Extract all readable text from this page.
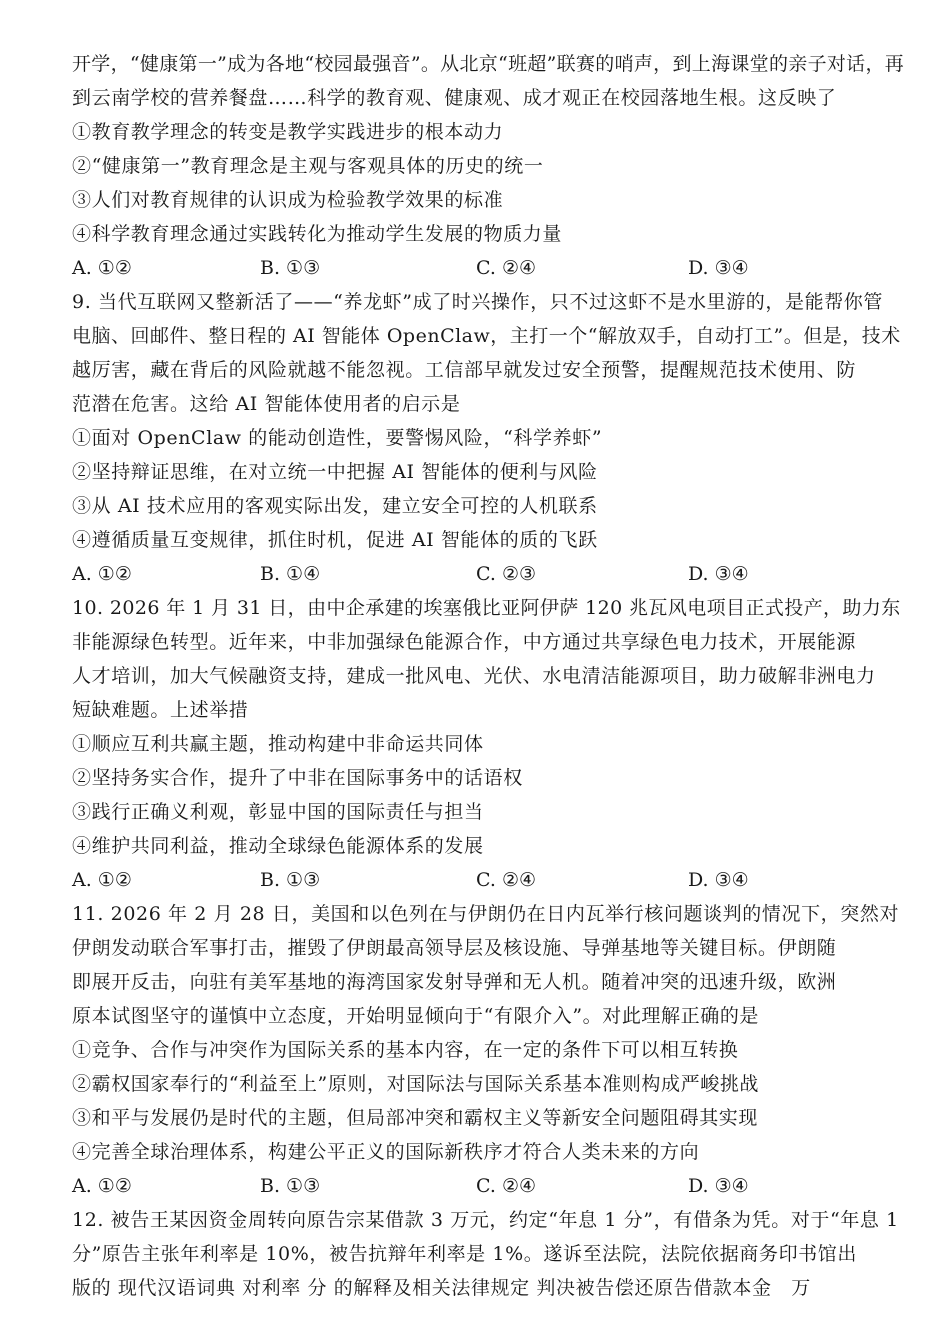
开学，“健康第一”成为各地“校园最强音”。从北京“班超”联赛的哨声，到上海课堂的亲子对话，再
到云南学校的营养餐盘……科学的教育观、健康观、成才观正在校园落地生根。这反映了
①教育教学理念的转变是教学实践进步的根本动力
②“健康第一”教育理念是主观与客观具体的历史的统一
③人们对教育规律的认识成为检验教学效果的标准
④科学教育理念通过实践转化为推动学生发展的物质力量
A. ①②	B. ①③	C. ②④	D. ③④
9. 当代互联网又整新活了——“养龙虾”成了时兴操作，只不过这虾不是水里游的，是能帮你管
电脑、回邮件、整日程的 AI 智能体 OpenClaw，主打一个“解放双手，自动打工”。但是，技术
越厉害，藏在背后的风险就越不能忽视。工信部早就发过安全预警，提醒规范技术使用、防
范潜在危害。这给 AI 智能体使用者的启示是
①面对 OpenClaw 的能动创造性，要警惕风险，“科学养虾”
②坚持辩证思维，在对立统一中把握 AI 智能体的便利与风险
③从 AI 技术应用的客观实际出发，建立安全可控的人机联系
④遵循质量互变规律，抓住时机，促进 AI 智能体的质的飞跃
A. ①②	B. ①④	C. ②③	D. ③④
10. 2026 年 1 月 31 日，由中企承建的埃塞俄比亚阿伊萨 120 兆瓦风电项目正式投产，助力东
非能源绿色转型。近年来，中非加强绿色能源合作，中方通过共享绿色电力技术，开展能源
人才培训，加大气候融资支持，建成一批风电、光伏、水电清洁能源项目，助力破解非洲电力
短缺难题。上述举措
①顺应互利共赢主题，推动构建中非命运共同体
②坚持务实合作，提升了中非在国际事务中的话语权
③践行正确义利观，彰显中国的国际责任与担当
④维护共同利益，推动全球绿色能源体系的发展
A. ①②	B. ①③	C. ②④	D. ③④
11. 2026 年 2 月 28 日，美国和以色列在与伊朗仍在日内瓦举行核问题谈判的情况下，突然对
伊朗发动联合军事打击，摧毁了伊朗最高领导层及核设施、导弹基地等关键目标。伊朗随
即展开反击，向驻有美军基地的海湾国家发射导弹和无人机。随着冲突的迅速升级，欧洲
原本试图坚守的谨慎中立态度，开始明显倾向于“有限介入”。对此理解正确的是
①竞争、合作与冲突作为国际关系的基本内容，在一定的条件下可以相互转换
②霸权国家奉行的“利益至上”原则，对国际法与国际关系基本准则构成严峻挑战
③和平与发展仍是时代的主题，但局部冲突和霸权主义等新安全问题阻碍其实现
④完善全球治理体系，构建公平正义的国际新秩序才符合人类未来的方向
A. ①②	B. ①③	C. ②④	D. ③④
12. 被告王某因资金周转向原告宗某借款 3 万元，约定“年息 1 分”，有借条为凭。对于“年息 1
分”原告主张年利率是 10%，被告抗辩年利率是 1%。遂诉至法院，法院依据商务印书馆出
版的 现代汉语词典 对利率 分 的解释及相关法律规定 判决被告偿还原告借款本金　万
